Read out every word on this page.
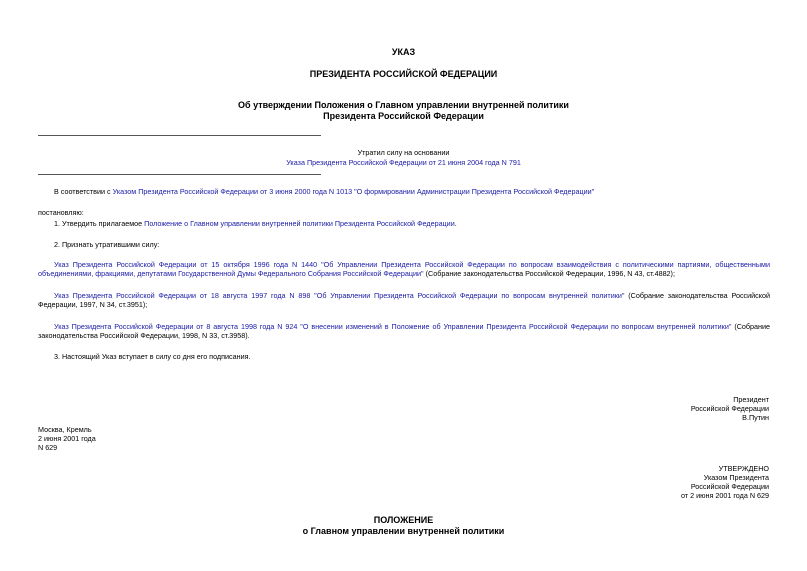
УКАЗ
ПРЕЗИДЕНТА РОССИЙСКОЙ ФЕДЕРАЦИИ
Об утверждении Положения о Главном управлении внутренней политики
Президента Российской Федерации
Утратил силу на основании
Указа Президента Российской Федерации от 21 июня 2004 года N 791
В соответствии с Указом Президента Российской Федерации от 3 июня 2000 года N 1013 "О формировании Администрации Президента Российской Федерации"
постановляю:
1. Утвердить прилагаемое Положение о Главном управлении внутренней политики Президента Российской Федерации.
2. Признать утратившими силу:
Указ Президента Российской Федерации от 15 октября 1996 года N 1440 "Об Управлении Президента Российской Федерации по вопросам взаимодействия с политическими партиями, общественными объединениями, фракциями, депутатами Государственной Думы Федерального Собрания Российской Федерации" (Собрание законодательства Российской Федерации, 1996, N 43, ст.4882);
Указ Президента Российской Федерации от 18 августа 1997 года N 898 "Об Управлении Президента Российской Федерации по вопросам внутренней политики" (Собрание законодательства Российской Федерации, 1997, N 34, ст.3951);
Указ Президента Российской Федерации от 8 августа 1998 года N 924 "О внесении изменений в Положение об Управлении Президента Российской Федерации по вопросам внутренней политики" (Собрание законодательства Российской Федерации, 1998, N 33, ст.3958).
3. Настоящий Указ вступает в силу со дня его подписания.
Президент
Российской Федерации
В.Путин
Москва, Кремль
2 июня 2001 года
N 629
УТВЕРЖДЕНО
Указом Президента
Российской Федерации
от 2 июня 2001 года N 629
ПОЛОЖЕНИЕ
о Главном управлении внутренней политики
